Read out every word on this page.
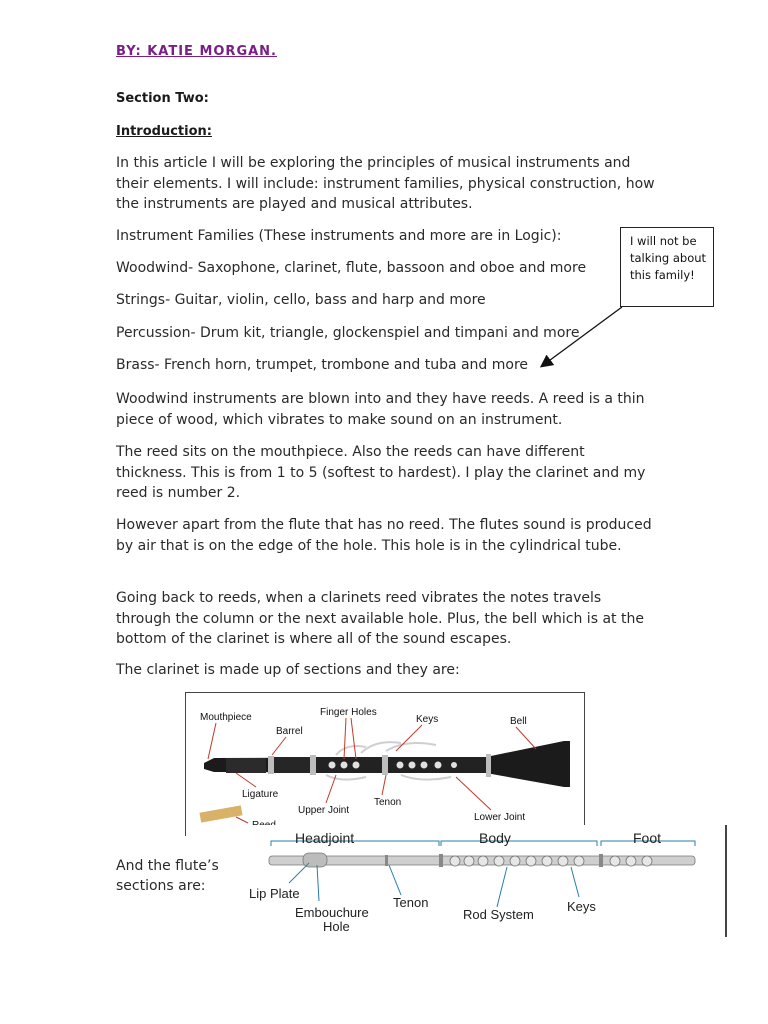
BY: KATIE MORGAN.
Section Two:
Introduction:
In this article I will be exploring the principles of musical instruments and their elements. I will include: instrument families, physical construction, how the instruments are played and musical attributes.
Instrument Families (These instruments and more are in Logic):
Woodwind- Saxophone, clarinet, flute, bassoon and oboe and more
Strings- Guitar, violin, cello, bass and harp and more
Percussion- Drum kit, triangle, glockenspiel and timpani and more
Brass- French horn, trumpet, trombone and tuba and more
I will not be talking about this family!
Woodwind instruments are blown into and they have reeds. A reed is a thin piece of wood, which vibrates to make sound on an instrument.
The reed sits on the mouthpiece. Also the reeds can have different thickness. This is from 1 to 5 (softest to hardest). I play the clarinet and my reed is number 2.
However apart from the flute that has no reed. The flutes sound is produced by air that is on the edge of the hole. This hole is in the cylindrical tube.
Going back to reeds, when a clarinets reed vibrates the notes travels through the column or the next available hole. Plus, the bell which is at the bottom of the clarinet is where all of the sound escapes.
The clarinet is made up of sections and they are:
Mouthpiece
Barrel
Finger Holes
Keys	Bell
Ligature
Upper Joint
Tenon
Lower Joint
And the flute’s sections are:
Headjoint	Body	Foot
Lip Plate
Embouchure
Hole
Tenon
Rod System
Keys
